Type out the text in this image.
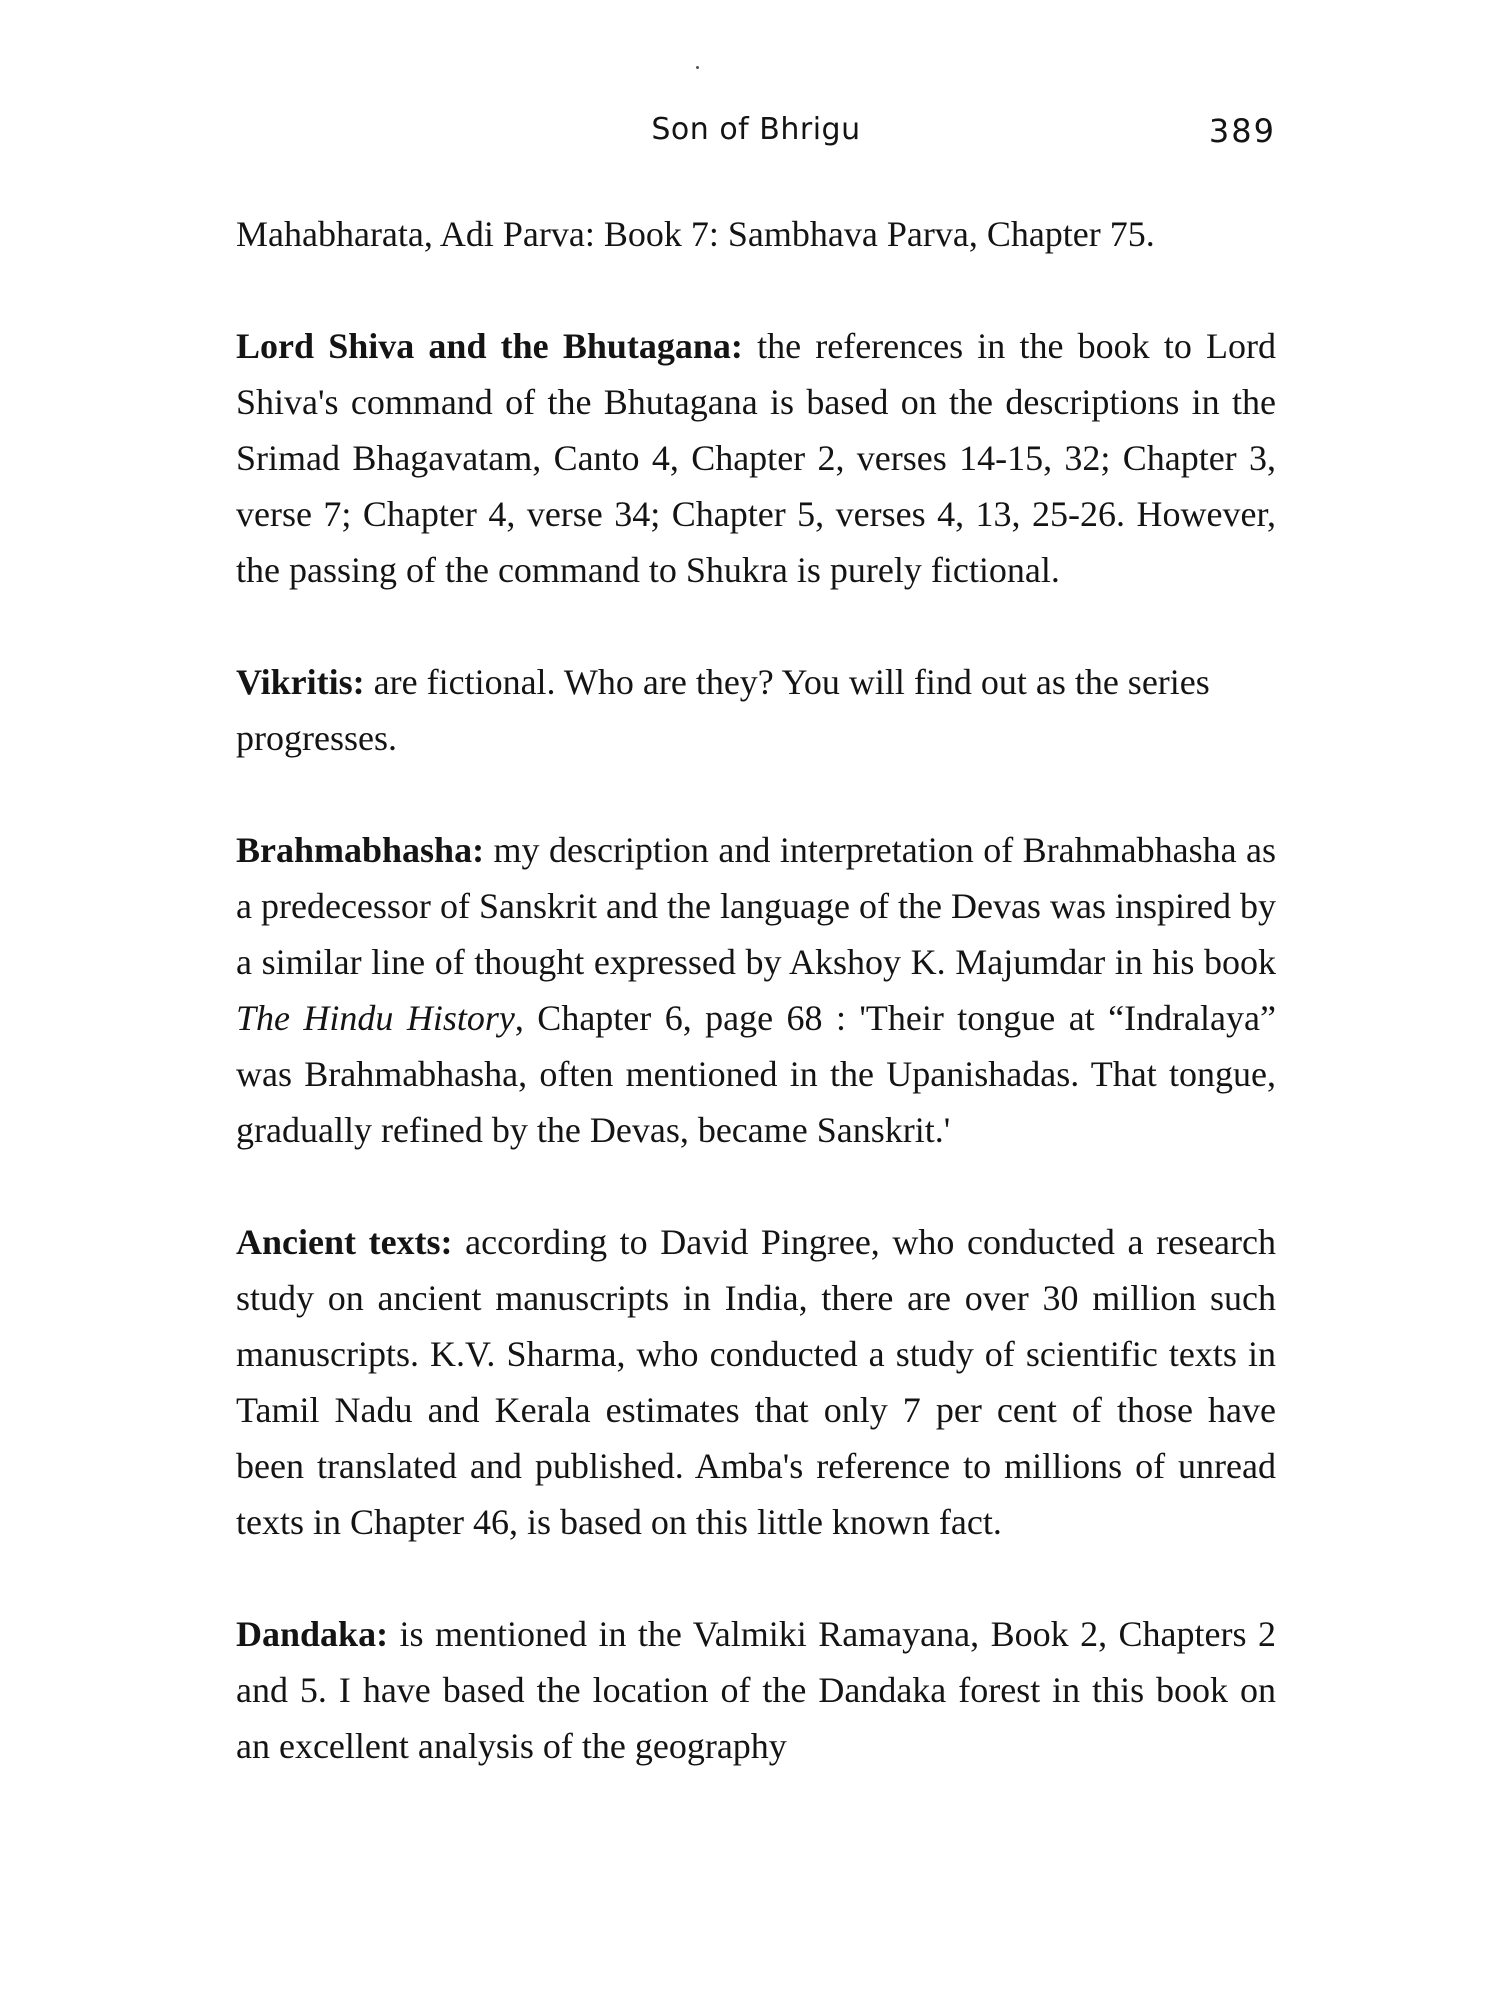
Son of Bhrigu	389

Mahabharata, Adi Parva: Book 7: Sambhava Parva, Chapter 75.

Lord Shiva and the Bhutagana: the references in the book to Lord Shiva's command of the Bhutagana is based on the descriptions in the Srimad Bhagavatam, Canto 4, Chapter 2, verses 14-15, 32; Chapter 3, verse 7; Chapter 4, verse 34; Chapter 5, verses 4, 13, 25-26. However, the passing of the command to Shukra is purely fictional.

Vikritis: are fictional. Who are they? You will find out as the series progresses.

Brahmabhasha: my description and interpretation of Brahmabhasha as a predecessor of Sanskrit and the language of the Devas was inspired by a similar line of thought expressed by Akshoy K. Majumdar in his book The Hindu History, Chapter 6, page 68 : 'Their tongue at “Indralaya” was Brahmabhasha, often mentioned in the Upanishadas. That tongue, gradually refined by the Devas, became Sanskrit.'

Ancient texts: according to David Pingree, who conducted a research study on ancient manuscripts in India, there are over 30 million such manuscripts. K.V. Sharma, who conducted a study of scientific texts in Tamil Nadu and Kerala estimates that only 7 per cent of those have been translated and published. Amba's reference to millions of unread texts in Chapter 46, is based on this little known fact.

Dandaka: is mentioned in the Valmiki Ramayana, Book 2, Chapters 2 and 5. I have based the location of the Dandaka forest in this book on an excellent analysis of the geography
